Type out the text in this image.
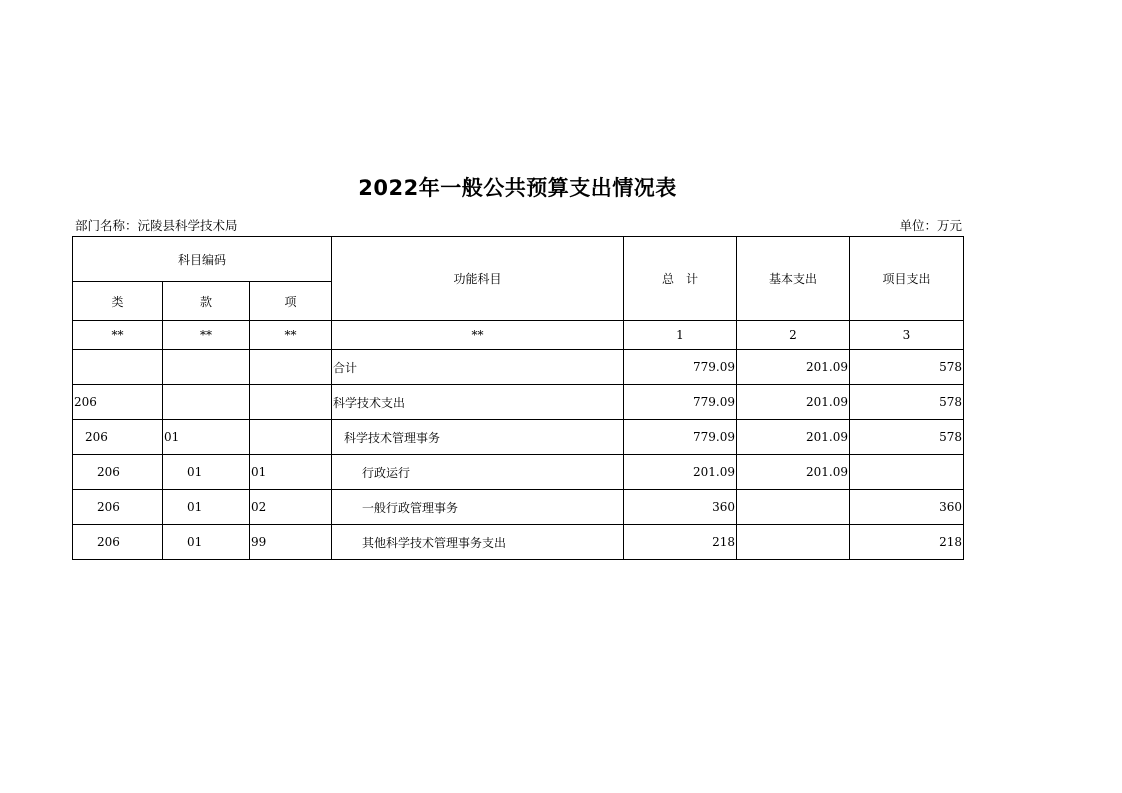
2022年一般公共预算支出情况表
部门名称：沅陵县科学技术局	单位：万元
科目编码			功能科目	总　计	基本支出	项目支出
类	款	项				
**	**	**	**	1	2	3
			合计	779.09	201.09	578
206			科学技术支出	779.09	201.09	578
206	01		科学技术管理事务	779.09	201.09	578
206	01	01	行政运行	201.09	201.09	
206	01	02	一般行政管理事务	360		360
206	01	99	其他科学技术管理事务支出	218		218
